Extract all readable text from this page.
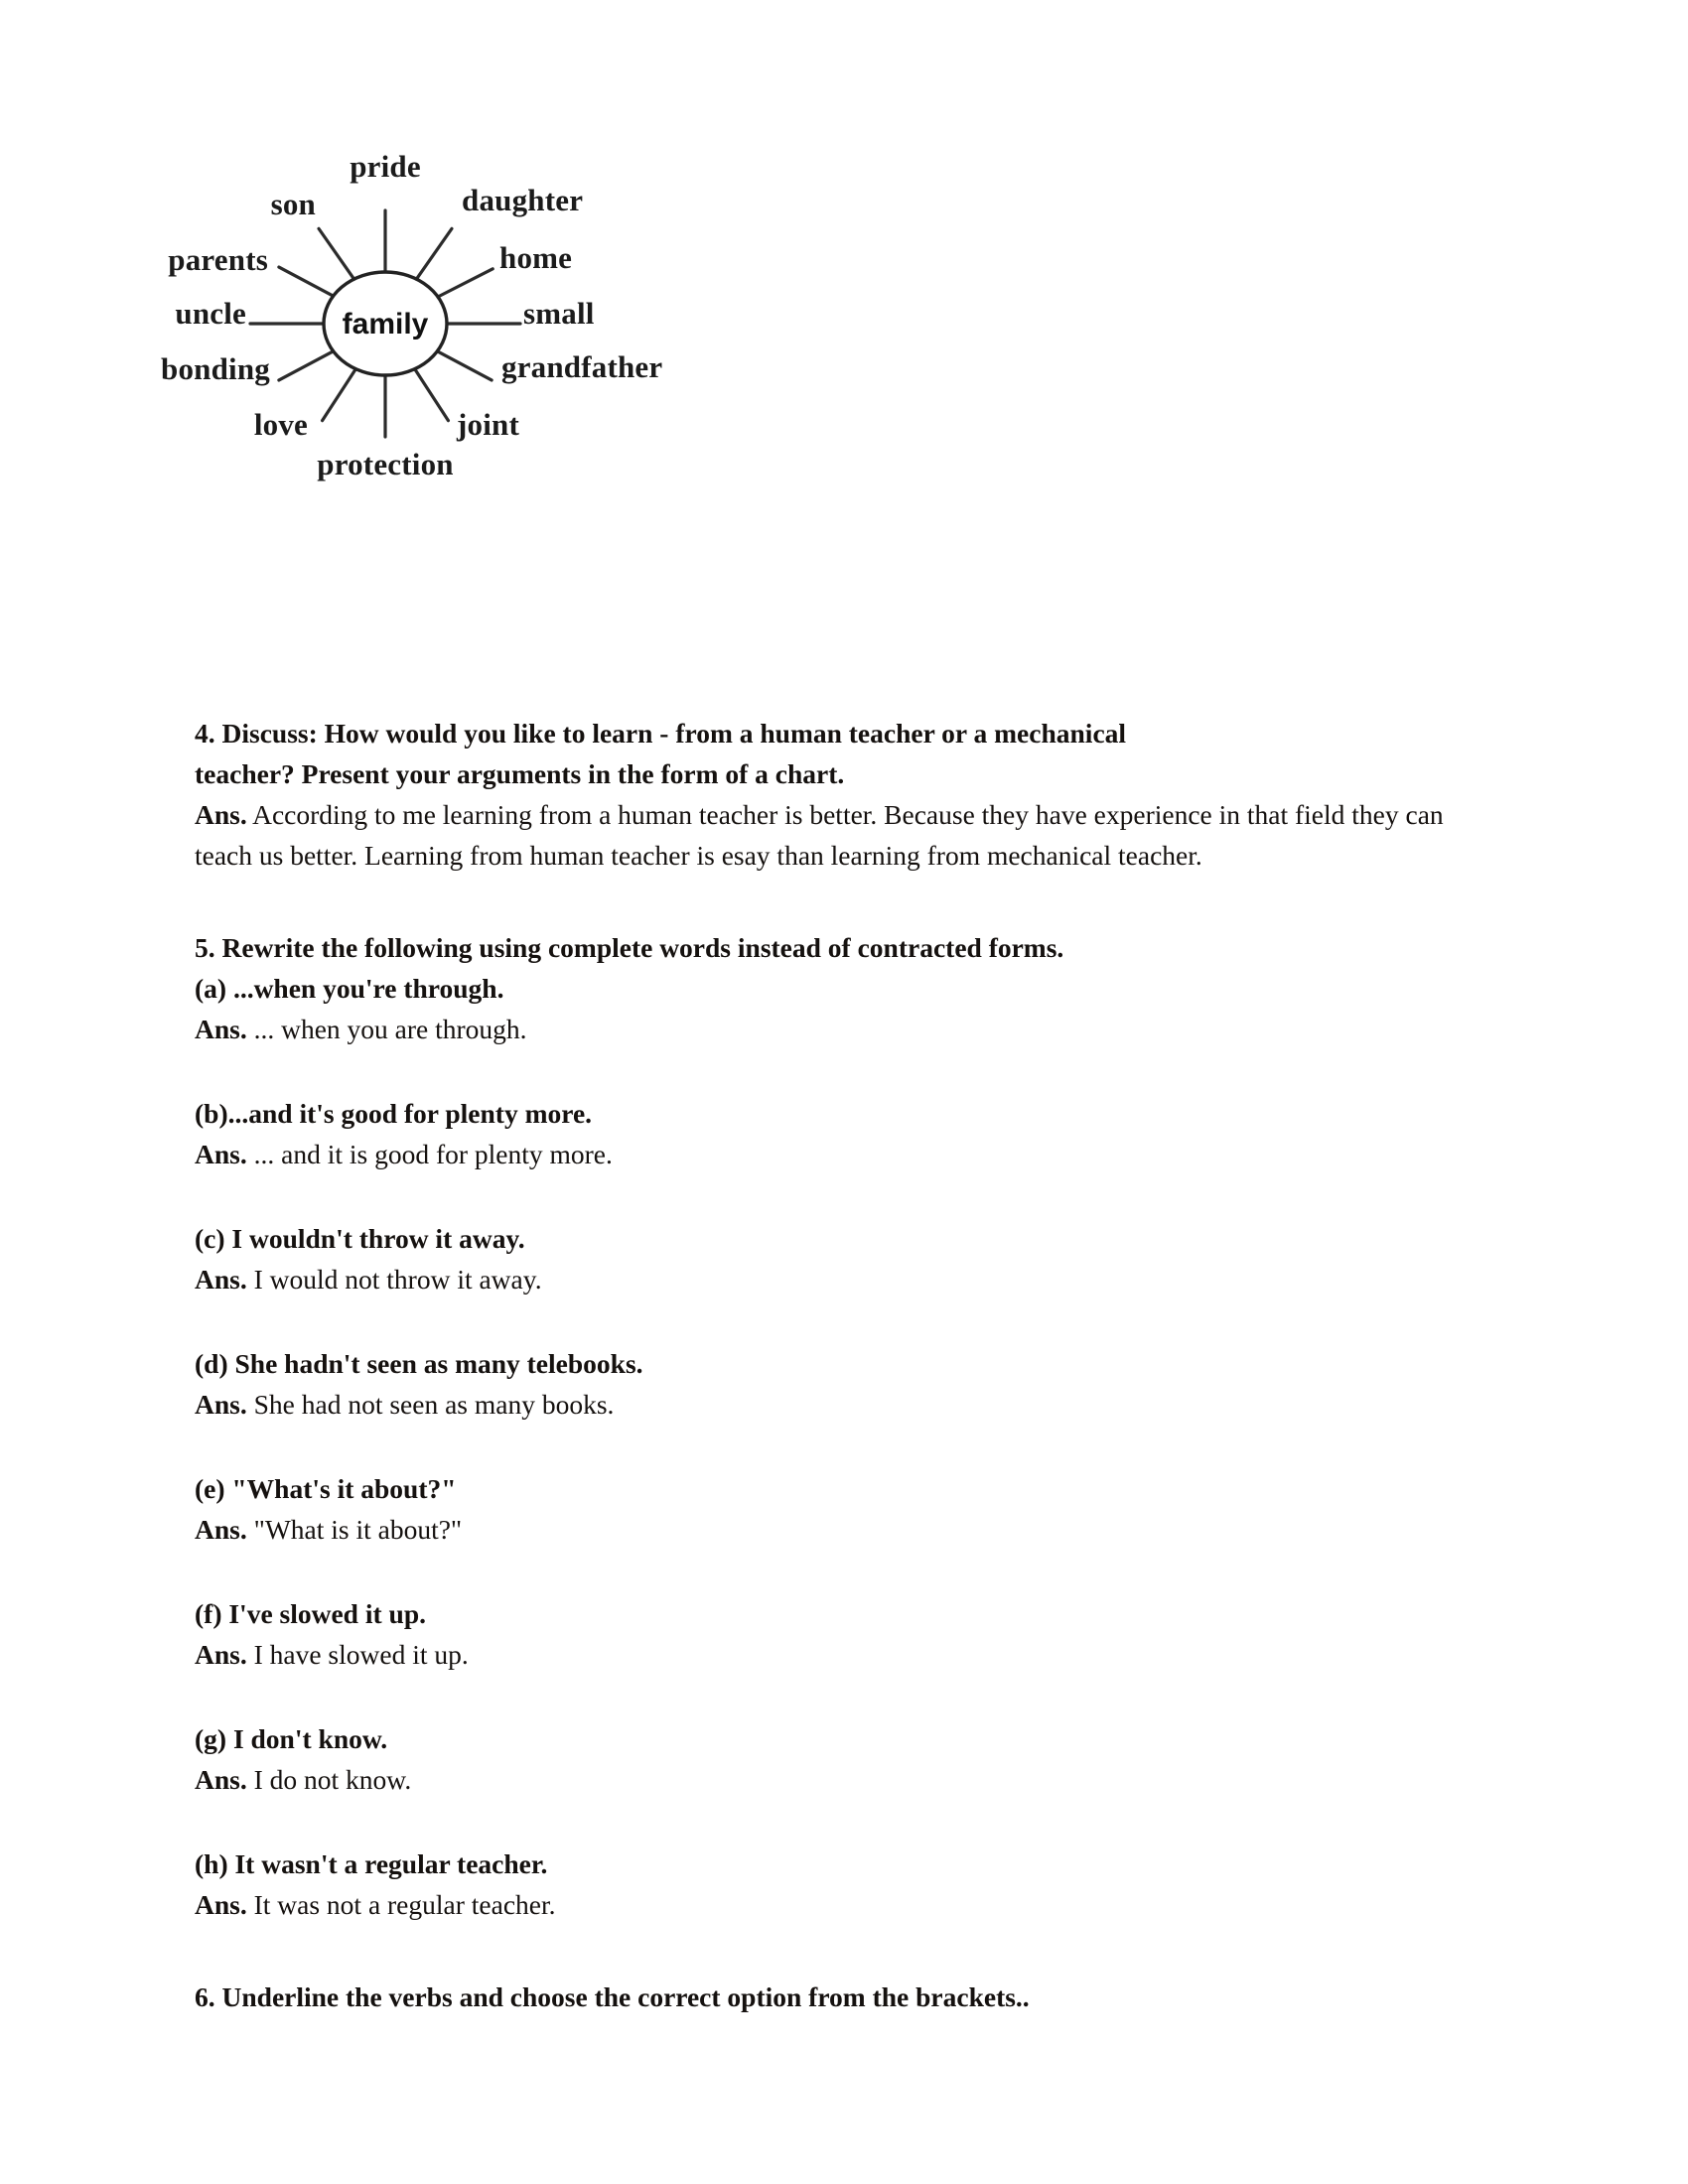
family
pride
daughter
home
small
grandfather
joint
protection
love
bonding
uncle
parents
son
4. Discuss: How would you like to learn - from a human teacher or a mechanical
teacher? Present your arguments in the form of a chart.
Ans. According to me learning from a human teacher is better. Because they have experience in that field they can teach us better. Learning from human teacher is esay than learning from mechanical teacher.
5. Rewrite the following using complete words instead of contracted forms.
(a) ...when you're through.
Ans. ... when you are through.
(b)...and it's good for plenty more.
Ans. ... and it is good for plenty more.
(c) I wouldn't throw it away.
Ans. I would not throw it away.
(d) She hadn't seen as many telebooks.
Ans. She had not seen as many books.
(e) "What's it about?"
Ans. "What is it about?"
(f) I've slowed it up.
Ans. I have slowed it up.
(g) I don't know.
Ans. I do not know.
(h) It wasn't a regular teacher.
Ans. It was not a regular teacher.
6. Underline the verbs and choose the correct option from the brackets..
